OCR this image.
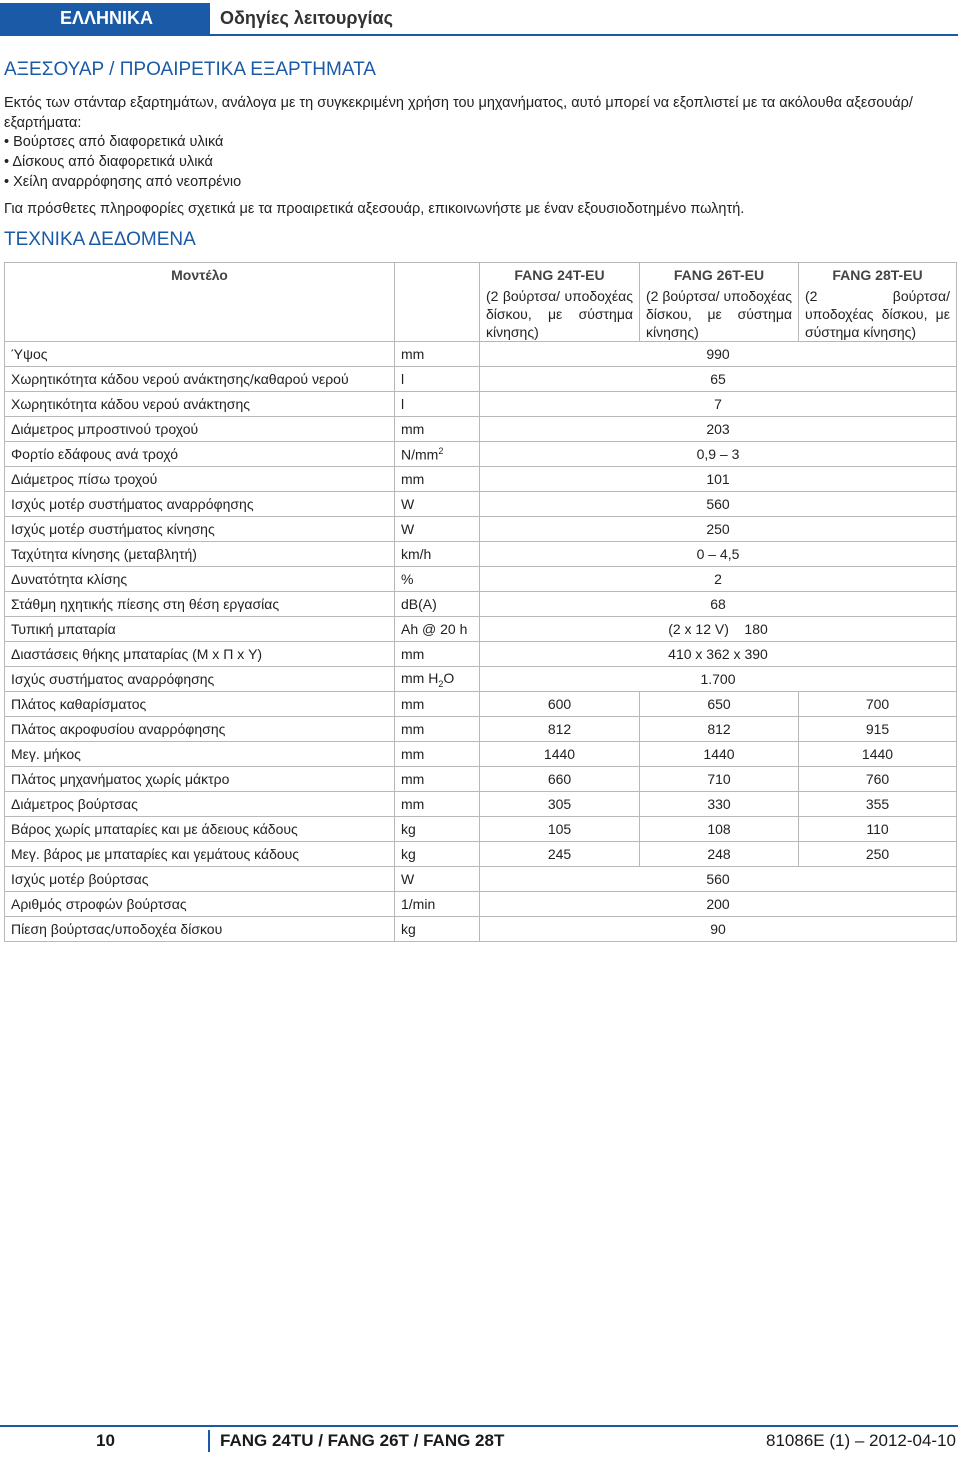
ΕΛΛΗΝΙΚΑ	Οδηγίες λειτουργίας
ΑΞΕΣΟΥΑΡ / ΠΡΟΑΙΡΕΤΙΚΑ ΕΞΑΡΤΗΜΑΤΑ

Εκτός των στάνταρ εξαρτημάτων, ανάλογα με τη συγκεκριμένη χρήση του μηχανήματος, αυτό μπορεί να εξοπλιστεί με τα ακόλουθα αξεσουάρ/εξαρτήματα:

• Βούρτσες από διαφορετικά υλικά
• Δίσκους από διαφορετικά υλικά
• Χείλη αναρρόφησης από νεοπρένιο

Για πρόσθετες πληροφορίες σχετικά με τα προαιρετικά αξεσουάρ, επικοινωνήστε με έναν εξουσιοδοτημένο πωλητή.

ΤΕΧΝΙΚΑ ΔΕΔΟΜΕΝΑ
Μοντέλο		FANG 24T-EU	FANG 26T-EU	FANG 28T-EU
		(2 βούρτσα/ υποδοχέας δίσκου, με σύστημα κίνησης)	(2 βούρτσα/ υποδοχέας δίσκου, με σύστημα κίνησης)	(2 βούρτσα/ υποδοχέας δίσκου, με σύστημα κίνησης)
Ύψος	mm	990		
Χωρητικότητα κάδου νερού ανάκτησης/καθαρού νερού	l	65		
Χωρητικότητα κάδου νερού ανάκτησης	l	7		
Διάμετρος μπροστινού τροχού	mm	203		
Φορτίο εδάφους ανά τροχό	$N/mm^2$	0,9 – 3		
Διάμετρος πίσω τροχού	mm	101		
Ισχύς μοτέρ συστήματος αναρρόφησης	W	560		
Ισχύς μοτέρ συστήματος κίνησης	W	250		
Ταχύτητα κίνησης (μεταβλητή)	km/h	0 – 4,5		
Δυνατότητα κλίσης	%	2		
Στάθμη ηχητικής πίεσης στη θέση εργασίας	dB(A)	68		
Τυπική μπαταρία	Ah @ 20 h	(2 x 12 V)    180		
Διαστάσεις θήκης μπαταρίας (Μ x Π x Υ)	mm	410 x 362 x 390		
Ισχύς συστήματος αναρρόφησης	mm $H_2O$	1.700		
Πλάτος καθαρίσματος	mm	600	650	700
Πλάτος ακροφυσίου αναρρόφησης	mm	812	812	915
Μεγ. μήκος	mm	1440	1440	1440
Πλάτος μηχανήματος χωρίς μάκτρο	mm	660	710	760
Διάμετρος βούρτσας	mm	305	330	355
Βάρος χωρίς μπαταρίες και με άδειους κάδους	kg	105	108	110
Μεγ. βάρος με μπαταρίες και γεμάτους κάδους	kg	245	248	250
Ισχύς μοτέρ βούρτσας	W	560		
Αριθμός στροφών βούρτσας	1/min	200		
Πίεση βούρτσας/υποδοχέα δίσκου	kg	90		
10	FANG 24TU / FANG 26T / FANG 28T	81086E (1) – 2012-04-10
